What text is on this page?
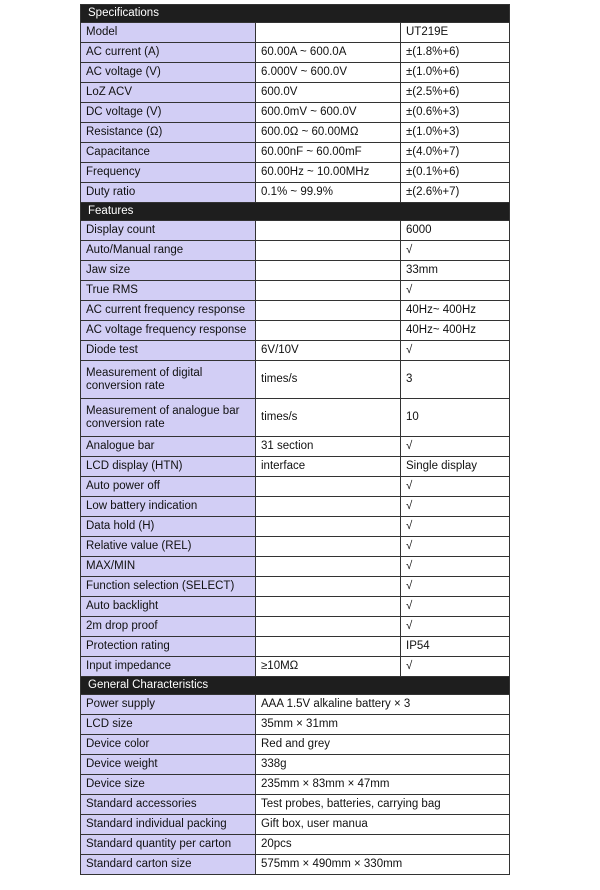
Specifications		
Model		UT219E
AC current (A)	60.00A ~ 600.0A	±(1.8%+6)
AC voltage (V)	6.000V ~ 600.0V	±(1.0%+6)
LoZ ACV	600.0V	±(2.5%+6)
DC voltage (V)	600.0mV ~ 600.0V	±(0.6%+3)
Resistance (Ω)	600.0Ω ~ 60.00MΩ	±(1.0%+3)
Capacitance	60.00nF ~ 60.00mF	±(4.0%+7)
Frequency	60.00Hz ~ 10.00MHz	±(0.1%+6)
Duty ratio	0.1% ~ 99.9%	±(2.6%+7)
Features		
Display count		6000
Auto/Manual range		√
Jaw size		33mm
True RMS		√
AC current frequency response		40Hz~ 400Hz
AC voltage frequency response		40Hz~ 400Hz
Diode test	6V/10V	√
Measurement of digital conversion rate	times/s	3
Measurement of analogue bar conversion rate	times/s	10
Analogue bar	31 section	√
LCD display (HTN)	interface	Single display
Auto power off		√
Low battery indication		√
Data hold (H)		√
Relative value (REL)		√
MAX/MIN		√
Function selection (SELECT)		√
Auto backlight		√
2m drop proof		√
Protection rating		IP54
Input impedance	≥10MΩ	√
General Characteristics		
Power supply	AAA 1.5V alkaline battery × 3	
LCD size	35mm × 31mm	
Device color	Red and grey	
Device weight	338g	
Device size	235mm × 83mm × 47mm	
Standard accessories	Test probes, batteries, carrying bag	
Standard individual packing	Gift box, user manua	
Standard quantity per carton	20pcs	
Standard carton size	575mm × 490mm × 330mm	
